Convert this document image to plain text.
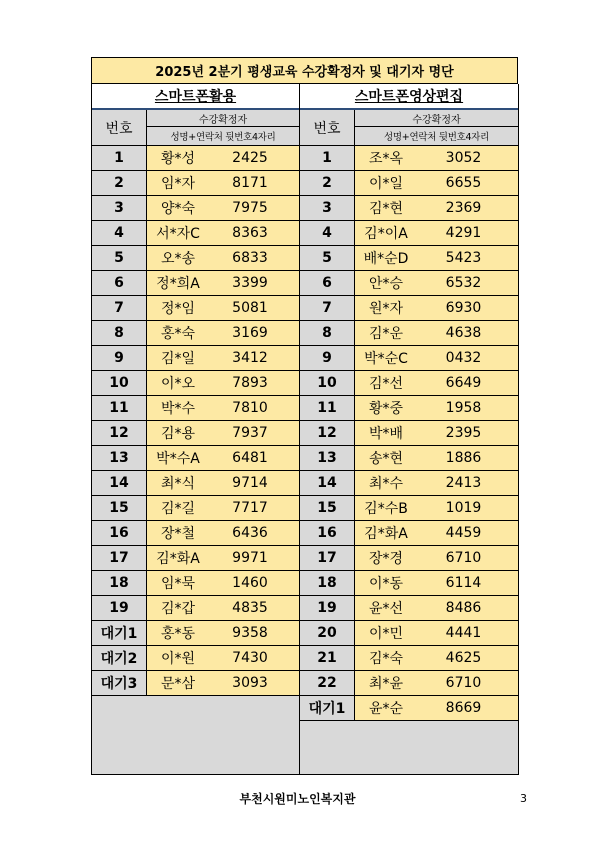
2025년 2분기 평생교육 수강확정자 및 대기자 명단
스마트폰활용
번호
수강확정자
성명+연락처 뒷번호4자리
1	황*성	2425
2	임*자	8171
3	양*숙	7975
4	서*자C	8363
5	오*송	6833
6	정*희A	3399
7	정*임	5081
8	홍*숙	3169
9	김*일	3412
10	이*오	7893
11	박*수	7810
12	김*용	7937
13	박*수A	6481
14	최*식	9714
15	김*길	7717
16	장*철	6436
17	김*화A	9971
18	임*묵	1460
19	김*갑	4835
대기1	홍*동	9358
대기2	이*원	7430
대기3	문*삼	3093
스마트폰영상편집
번호
수강확정자
성명+연락처 뒷번호4자리
1	조*옥	3052
2	이*일	6655
3	김*현	2369
4	김*이A	4291
5	배*순D	5423
6	안*승	6532
7	원*자	6930
8	김*운	4638
9	박*순C	0432
10	김*선	6649
11	황*중	1958
12	박*배	2395
13	송*현	1886
14	최*수	2413
15	김*수B	1019
16	김*화A	4459
17	장*경	6710
18	이*동	6114
19	윤*선	8486
20	이*민	4441
21	김*숙	4625
22	최*윤	6710
대기1	윤*순	8669
부천시원미노인복지관	3
